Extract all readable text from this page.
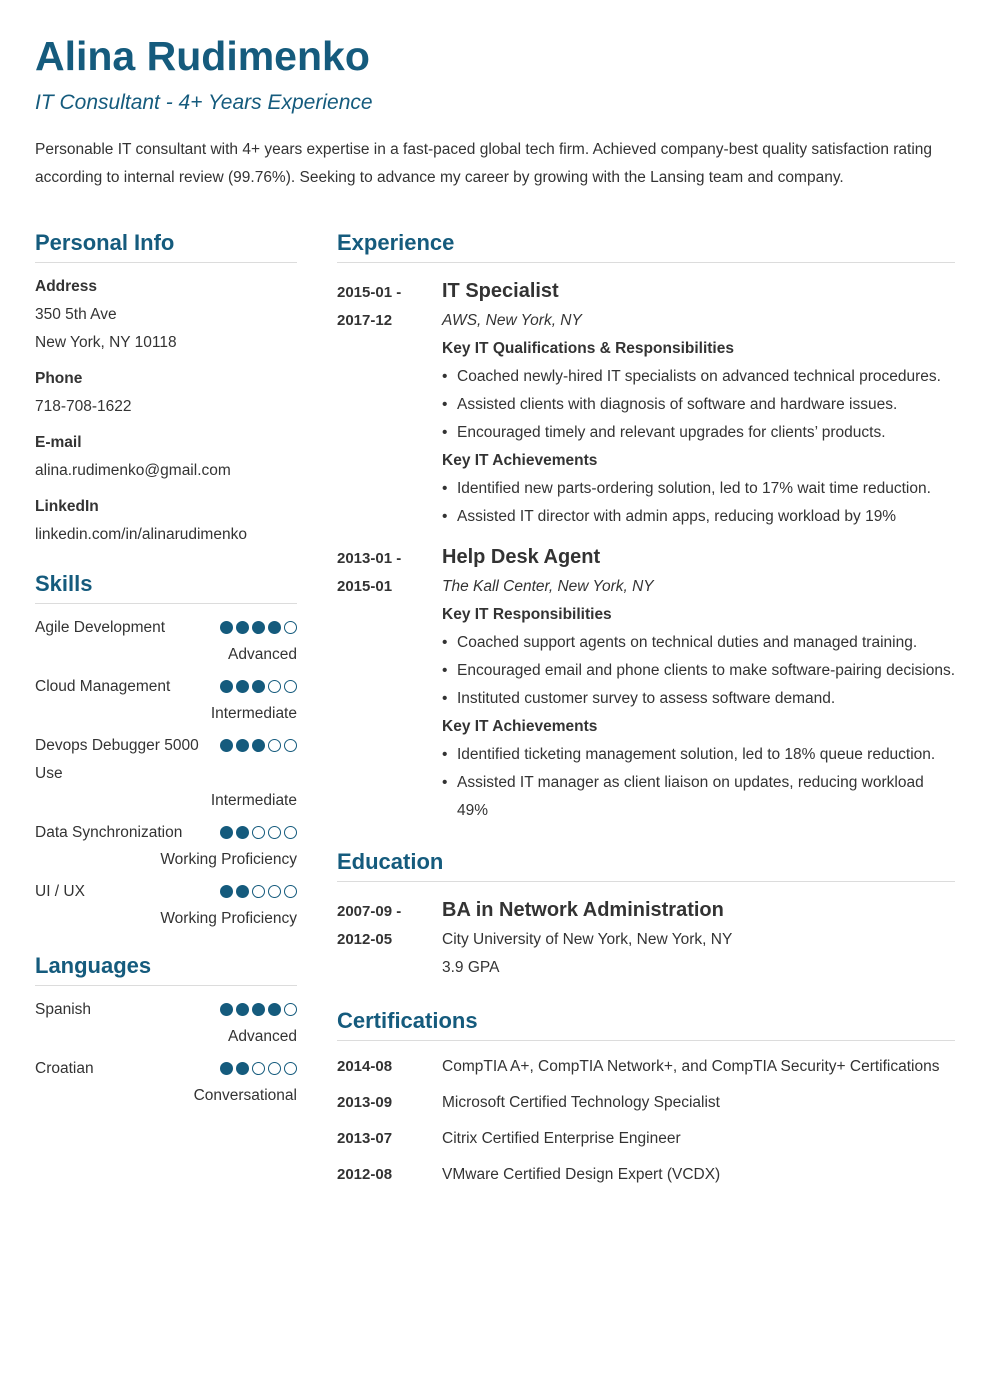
Alina Rudimenko
IT Consultant - 4+ Years Experience
Personable IT consultant with 4+ years expertise in a fast-paced global tech firm. Achieved company-best quality satisfaction rating according to internal review (99.76%). Seeking to advance my career by growing with the Lansing team and company.
Personal Info
Address
350 5th Ave
New York, NY 10118
Phone
718-708-1622
E-mail
alina.rudimenko@gmail.com
LinkedIn
linkedin.com/in/alinarudimenko
Skills
Agile Development
Advanced
Cloud Management
Intermediate
Devops Debugger 5000 Use
Intermediate
Data Synchronization
Working Proficiency
UI / UX
Working Proficiency
Languages
Spanish
Advanced
Croatian
Conversational
Experience
2015-01 -
2017-12
IT Specialist
AWS, New York, NY
Key IT Qualifications & Responsibilities
• Coached newly-hired IT specialists on advanced technical procedures.
• Assisted clients with diagnosis of software and hardware issues.
• Encouraged timely and relevant upgrades for clients’ products.
Key IT Achievements
• Identified new parts-ordering solution, led to 17% wait time reduction.
• Assisted IT director with admin apps, reducing workload by 19%
2013-01 -
2015-01
Help Desk Agent
The Kall Center, New York, NY
Key IT Responsibilities
• Coached support agents on technical duties and managed training.
• Encouraged email and phone clients to make software-pairing decisions.
• Instituted customer survey to assess software demand.
Key IT Achievements
• Identified ticketing management solution, led to 18% queue reduction.
• Assisted IT manager as client liaison on updates, reducing workload 49%
Education
2007-09 -
2012-05
BA in Network Administration
City University of New York, New York, NY
3.9 GPA
Certifications
2014-08	CompTIA A+, CompTIA Network+, and CompTIA Security+ Certifications
2013-09	Microsoft Certified Technology Specialist
2013-07	Citrix Certified Enterprise Engineer
2012-08	VMware Certified Design Expert (VCDX)
